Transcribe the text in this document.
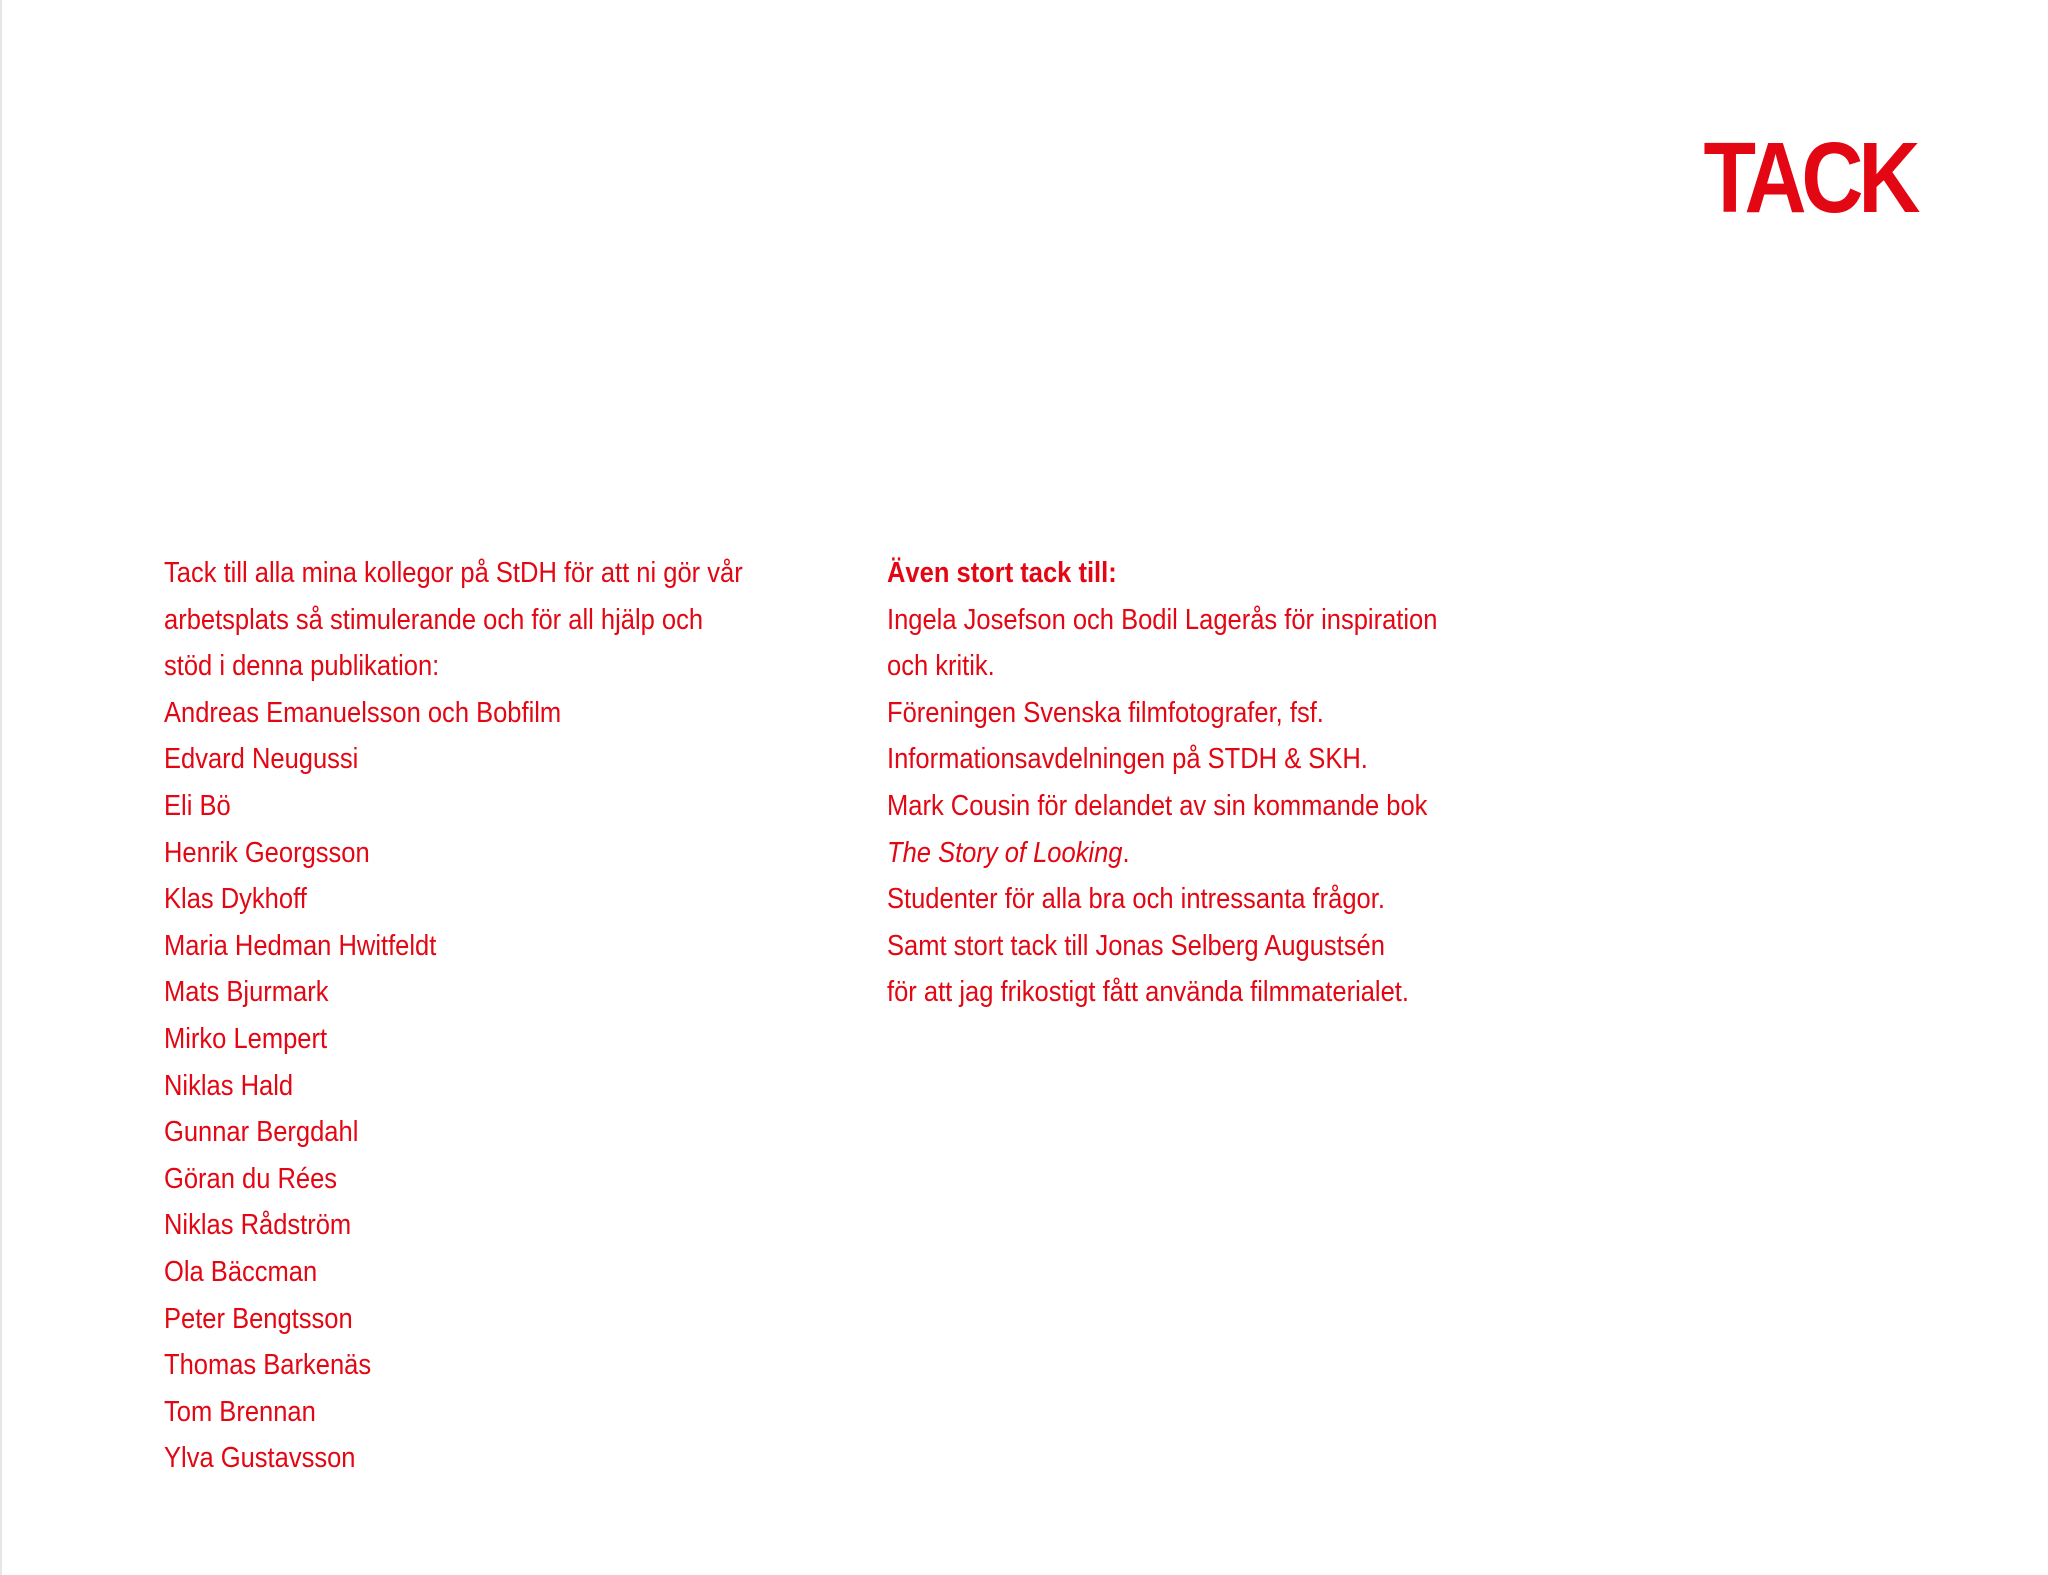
TACK
Tack till alla mina kollegor på StDH för att ni gör vår
arbetsplats så stimulerande och för all hjälp och
stöd i denna publikation:
Andreas Emanuelsson och Bobfilm
Edvard Neugussi
Eli Bö
Henrik Georgsson
Klas Dykhoff
Maria Hedman Hwitfeldt
Mats Bjurmark
Mirko Lempert
Niklas Hald
Gunnar Bergdahl
Göran du Rées
Niklas Rådström
Ola Bäccman
Peter Bengtsson
Thomas Barkenäs
Tom Brennan
Ylva Gustavsson
Även stort tack till:
Ingela Josefson och Bodil Lagerås för inspiration
och kritik.
Föreningen Svenska filmfotografer, fsf.
Informationsavdelningen på STDH & SKH.
Mark Cousin för delandet av sin kommande bok
The Story of Looking.
Studenter för alla bra och intressanta frågor.
Samt stort tack till Jonas Selberg Augustsén
för att jag frikostigt fått använda filmmaterialet.
